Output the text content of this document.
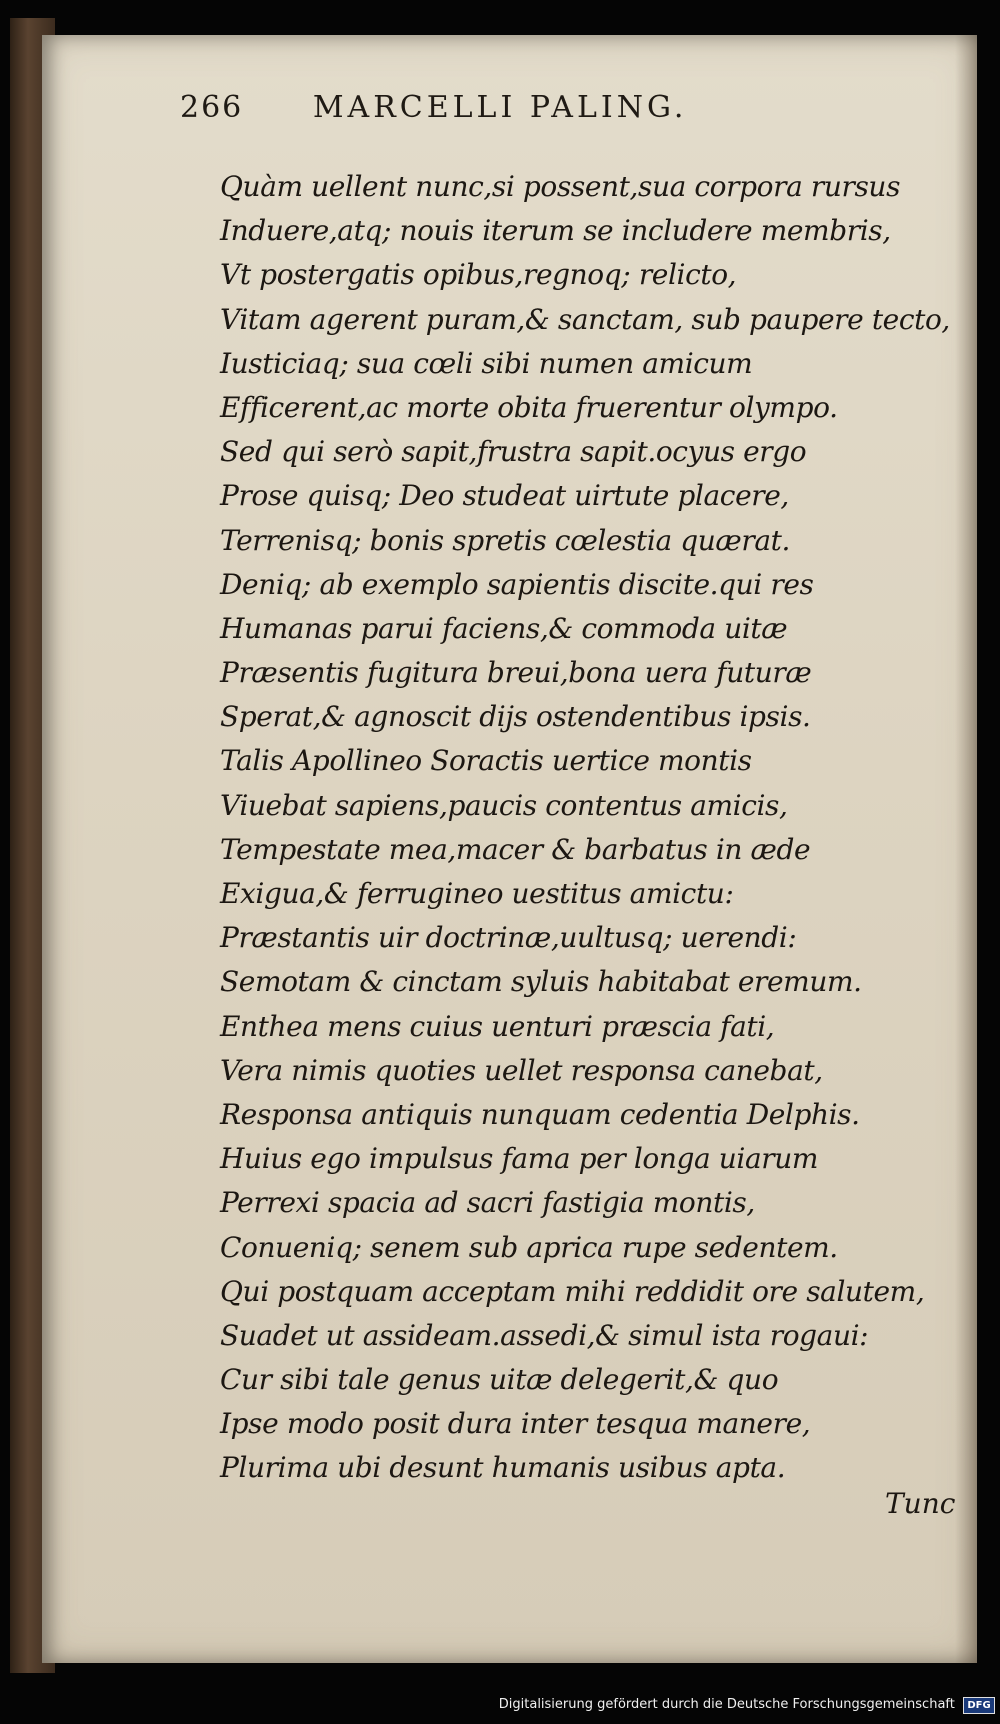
266 MARCELLI PALING.
Quàm uellent nunc,si possent,sua corpora rursus
Induere,atq; nouis iterum se includere membris,
Vt postergatis opibus,regnoq; relicto,
Vitam agerent puram,& sanctam, sub paupere tecto,
Iusticiaq; sua cœli sibi numen amicum
Efficerent,ac morte obita fruerentur olympo.
Sed qui serò sapit,frustra sapit.ocyus ergo
Prose quisq; Deo studeat uirtute placere,
Terrenisq; bonis spretis cœlestia quærat.
Deniq; ab exemplo sapientis discite.qui res
Humanas parui faciens,& commoda uitæ
Præsentis fugitura breui,bona uera futuræ
Sperat,& agnoscit dijs ostendentibus ipsis.
Talis Apollineo Soractis uertice montis
Viuebat sapiens,paucis contentus amicis,
Tempestate mea,macer & barbatus in æde
Exigua,& ferrugineo uestitus amictu:
Præstantis uir doctrinæ,uultusq; uerendi:
Semotam & cinctam syluis habitabat eremum.
Enthea mens cuius uenturi præscia fati,
Vera nimis quoties uellet responsa canebat,
Responsa antiquis nunquam cedentia Delphis.
Huius ego impulsus fama per longa uiarum
Perrexi spacia ad sacri fastigia montis,
Conueniq; senem sub aprica rupe sedentem.
Qui postquam acceptam mihi reddidit ore salutem,
Suadet ut assideam.assedi,& simul ista rogaui:
Cur sibi tale genus uitæ delegerit,& quo
Ipse modo posit dura inter tesqua manere,
Plurima ubi desunt humanis usibus apta.
Tunc
Digitalisierung gefördert durch die Deutsche Forschungsgemeinschaft DFG
